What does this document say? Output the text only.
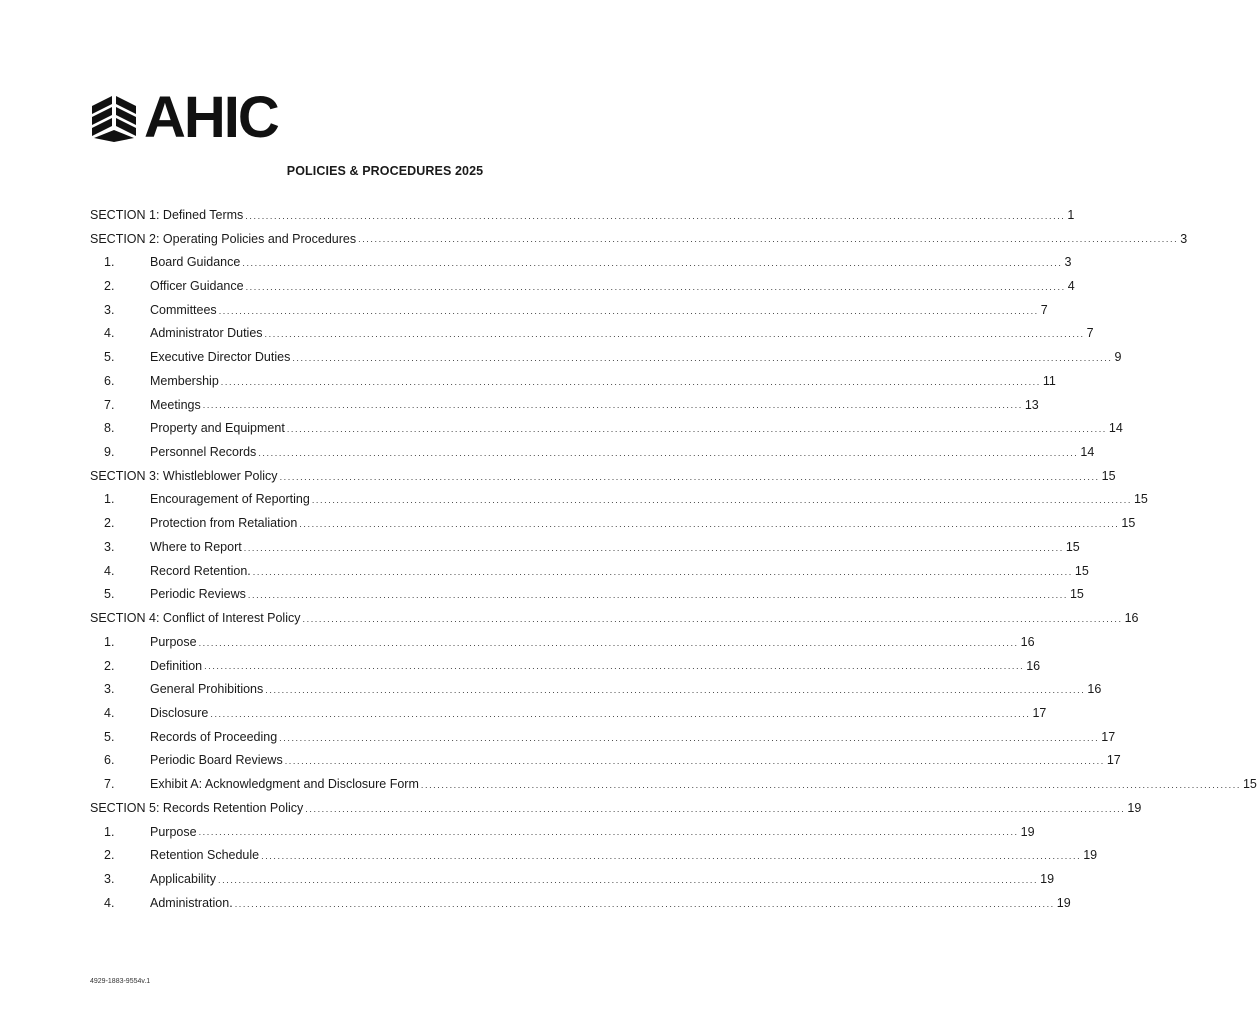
AHIC
POLICIES & PROCEDURES 2025
SECTION 1: Defined Terms ........................................................................................................................................................................................................ 1
SECTION 2: Operating Policies and Procedures ........................................................................................................................................................................................................ 3
1.	Board Guidance ........................................................................................................................................................................................................ 3
2.	Officer Guidance ........................................................................................................................................................................................................ 4
3.	Committees ........................................................................................................................................................................................................ 7
4.	Administrator Duties ........................................................................................................................................................................................................ 7
5.	Executive Director Duties ........................................................................................................................................................................................................ 9
6.	Membership ........................................................................................................................................................................................................ 11
7.	Meetings ........................................................................................................................................................................................................ 13
8.	Property and Equipment ........................................................................................................................................................................................................ 14
9.	Personnel Records ........................................................................................................................................................................................................ 14
SECTION 3: Whistleblower Policy ........................................................................................................................................................................................................ 15
1.	Encouragement of Reporting ........................................................................................................................................................................................................ 15
2.	Protection from Retaliation ........................................................................................................................................................................................................ 15
3.	Where to Report ........................................................................................................................................................................................................ 15
4.	Record Retention. ........................................................................................................................................................................................................ 15
5.	Periodic Reviews ........................................................................................................................................................................................................ 15
SECTION 4: Conflict of Interest Policy ........................................................................................................................................................................................................ 16
1.	Purpose ........................................................................................................................................................................................................ 16
2.	Definition ........................................................................................................................................................................................................ 16
3.	General Prohibitions ........................................................................................................................................................................................................ 16
4.	Disclosure ........................................................................................................................................................................................................ 17
5.	Records of Proceeding ........................................................................................................................................................................................................ 17
6.	Periodic Board Reviews ........................................................................................................................................................................................................ 17
7.	Exhibit A: Acknowledgment and Disclosure Form ........................................................................................................................................................................................................ 15
SECTION 5: Records Retention Policy ........................................................................................................................................................................................................ 19
1.	Purpose ........................................................................................................................................................................................................ 19
2.	Retention Schedule ........................................................................................................................................................................................................ 19
3.	Applicability ........................................................................................................................................................................................................ 19
4.	Administration. ........................................................................................................................................................................................................ 19
4929-1883-9554v.1
